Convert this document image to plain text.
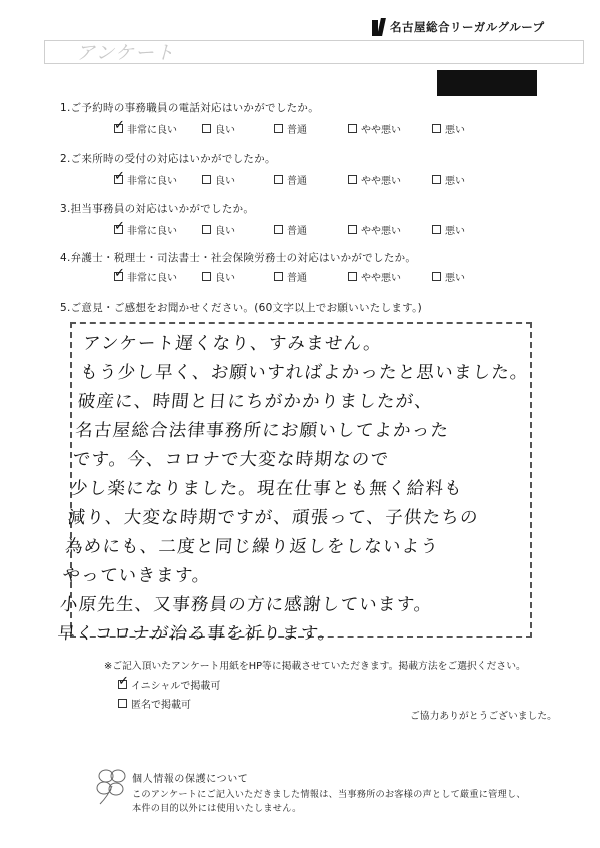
名古屋総合リーガルグループ
アンケート
1.ご予約時の事務職員の電話対応はいかがでしたか。
✓
非常に良い	良い	普通	やや悪い	悪い
2.ご来所時の受付の対応はいかがでしたか。
✓
非常に良い	良い	普通	やや悪い	悪い
3.担当事務員の対応はいかがでしたか。
✓
非常に良い	良い	普通	やや悪い	悪い
4.弁護士・税理士・司法書士・社会保険労務士の対応はいかがでしたか。
✓
非常に良い	良い	普通	やや悪い	悪い
5.ご意見・ご感想をお聞かせください。(60文字以上でお願いいたします。)
アンケート遅くなり、すみません。
もう少し早く、お願いすればよかったと思いました。
破産に、時間と日にちがかかりましたが、
名古屋総合法律事務所にお願いしてよかった
です。今、コロナで大変な時期なので
少し楽になりました。現在仕事とも無く給料も
減り、大変な時期ですが、頑張って、子供たちの
為めにも、二度と同じ繰り返しをしないよう
やっていきます。
小原先生、又事務員の方に感謝しています。
早くコロナが治る事を祈ります。
※ご記入頂いたアンケート用紙をHP等に掲載させていただきます。掲載方法をご選択ください。
✓
イニシャルで掲載可
匿名で掲載可
ご協力ありがとうございました。
個人情報の保護について
このアンケートにご記入いただきました情報は、当事務所のお客様の声として厳重に管理し、
本件の目的以外には使用いたしません。
